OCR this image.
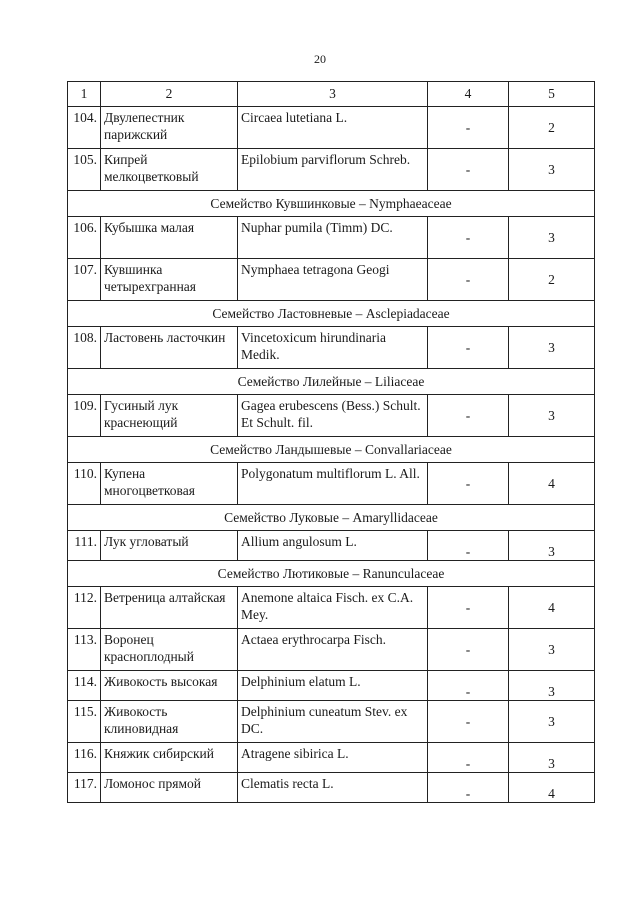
20
1	2	3	4	5
104.	Двулепестник парижский	Circaea lutetiana L.	-	2
105.	Кипрей мелкоцветковый	Epilobium parviflorum Schreb.	-	3
Семейство Кувшинковые – Nymphaeaceae				
106.	Кубышка малая	Nuphar pumila (Timm) DC.	-	3
107.	Кувшинка четырехгранная	Nymphaea tetragona Geogi	-	2
Семейство Ластовневые – Asclepiadaceae				
108.	Ластовень ласточкин	Vincetoxicum hirundinaria Medik.	-	3
Семейство Лилейные – Liliaceae				
109.	Гусиный лук краснеющий	Gagea erubescens (Bess.) Schult. Et Schult. fil.	-	3
Семейство Ландышевые – Convallariaceae				
110.	Купена многоцветковая	Polygonatum multiflorum L. All.	-	4
Семейство Луковые – Amaryllidaceae				
111.	Лук угловатый	Allium angulosum L.	-	3
Семейство Лютиковые – Ranunculaceae				
112.	Ветреница алтайская	Anemone altaica Fisch. ex C.A. Mey.	-	4
113.	Воронец красноплодный	Actaea erythrocarpa Fisch.	-	3
114.	Живокость высокая	Delphinium elatum L.	-	3
115.	Живокость клиновидная	Delphinium cuneatum Stev. ex DC.	-	3
116.	Княжик сибирский	Atragene sibirica L.	-	3
117.	Ломонос прямой	Clematis recta L.	-	4
